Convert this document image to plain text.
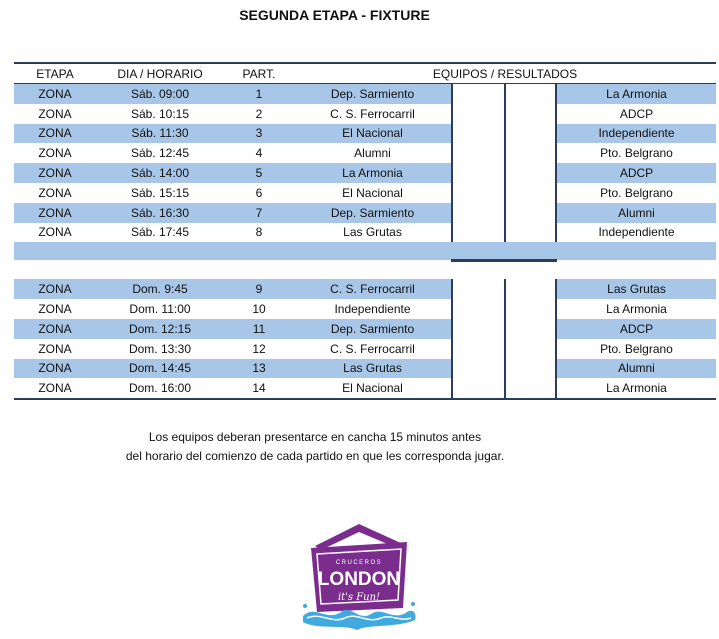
SEGUNDA ETAPA - FIXTURE
ETAPA	DIA / HORARIO	PART.	EQUIPOS / RESULTADOS
ZONA	Sáb. 09:00	1	Dep. Sarmiento	La Armonia
ZONA	Sáb. 10:15	2	C. S. Ferrocarril	ADCP
ZONA	Sáb. 11:30	3	El Nacional	Independiente
ZONA	Sáb. 12:45	4	Alumni	Pto. Belgrano
ZONA	Sáb. 14:00	5	La Armonia	ADCP
ZONA	Sáb. 15:15	6	El Nacional	Pto. Belgrano
ZONA	Sáb. 16:30	7	Dep. Sarmiento	Alumni
ZONA	Sáb. 17:45	8	Las Grutas	Independiente
ZONA	Dom. 9:45	9	C. S. Ferrocarril	Las Grutas
ZONA	Dom. 11:00	10	Independiente	La Armonia
ZONA	Dom. 12:15	11	Dep. Sarmiento	ADCP
ZONA	Dom. 13:30	12	C. S. Ferrocarril	Pto. Belgrano
ZONA	Dom. 14:45	13	Las Grutas	Alumni
ZONA	Dom. 16:00	14	El Nacional	La Armonia
Los equipos deberan presentarce en cancha 15 minutos antes
del horario del comienzo de cada partido en que les corresponda jugar.
CRUCEROS
LONDON
it's Fun!
